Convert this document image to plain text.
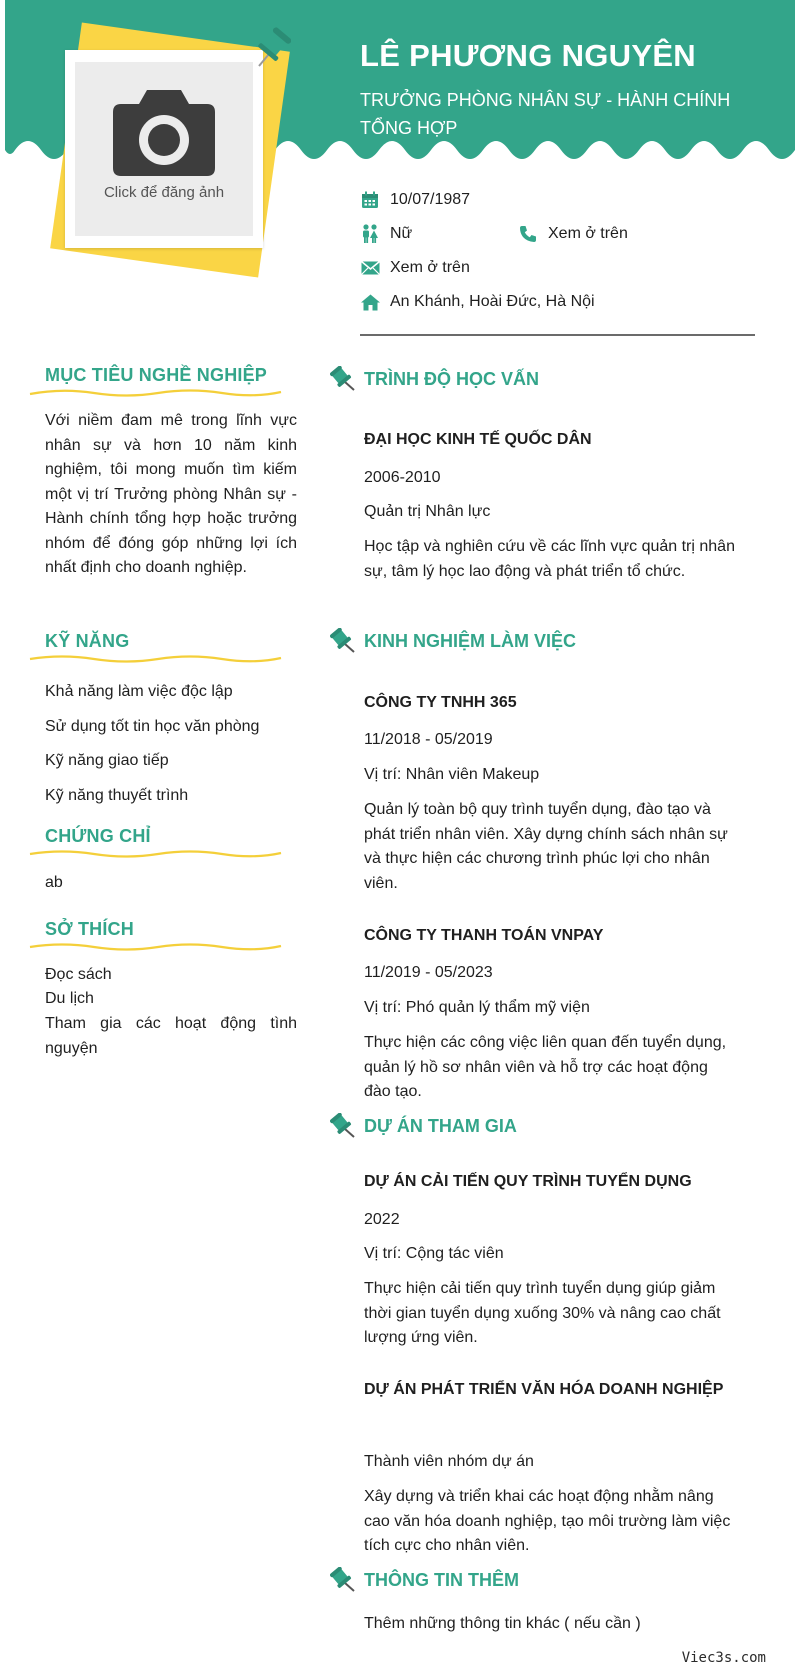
LÊ PHƯƠNG NGUYÊN
TRƯỞNG PHÒNG NHÂN SỰ - HÀNH CHÍNH TỔNG HỢP
Click để đăng ảnh	10/07/1987
Nữ	Xem ở trên
Xem ở trên
An Khánh, Hoài Đức, Hà Nội
MỤC TIÊU NGHỀ NGHIỆP
Với niềm đam mê trong lĩnh vực nhân sự và hơn 10 năm kinh nghiệm, tôi mong muốn tìm kiếm một vị trí Trưởng phòng Nhân sự - Hành chính tổng hợp hoặc trưởng nhóm để đóng góp những lợi ích nhất định cho doanh nghiệp.
KỸ NĂNG
Khả năng làm việc độc lập
Sử dụng tốt tin học văn phòng
Kỹ năng giao tiếp
Kỹ năng thuyết trình
CHỨNG CHỈ
ab
SỞ THÍCH
Đọc sách
Du lịch
Tham gia các hoạt động tình nguyện
TRÌNH ĐỘ HỌC VẤN
ĐẠI HỌC KINH TẾ QUỐC DÂN
2006-2010
Quản trị Nhân lực
Học tập và nghiên cứu về các lĩnh vực quản trị nhân sự, tâm lý học lao động và phát triển tổ chức.
KINH NGHIỆM LÀM VIỆC
CÔNG TY TNHH 365
11/2018 - 05/2019
Vị trí: Nhân viên Makeup
Quản lý toàn bộ quy trình tuyển dụng, đào tạo và phát triển nhân viên. Xây dựng chính sách nhân sự và thực hiện các chương trình phúc lợi cho nhân viên.
CÔNG TY THANH TOÁN VNPAY
11/2019 - 05/2023
Vị trí: Phó quản lý thẩm mỹ viện
Thực hiện các công việc liên quan đến tuyển dụng, quản lý hồ sơ nhân viên và hỗ trợ các hoạt động đào tạo.
DỰ ÁN THAM GIA
DỰ ÁN CẢI TIẾN QUY TRÌNH TUYỂN DỤNG
2022
Vị trí: Cộng tác viên
Thực hiện cải tiến quy trình tuyển dụng giúp giảm thời gian tuyển dụng xuống 30% và nâng cao chất lượng ứng viên.
DỰ ÁN PHÁT TRIỂN VĂN HÓA DOANH NGHIỆP
Thành viên nhóm dự án
Xây dựng và triển khai các hoạt động nhằm nâng cao văn hóa doanh nghiệp, tạo môi trường làm việc tích cực cho nhân viên.
THÔNG TIN THÊM
Thêm những thông tin khác ( nếu cần )
Viec3s.com
